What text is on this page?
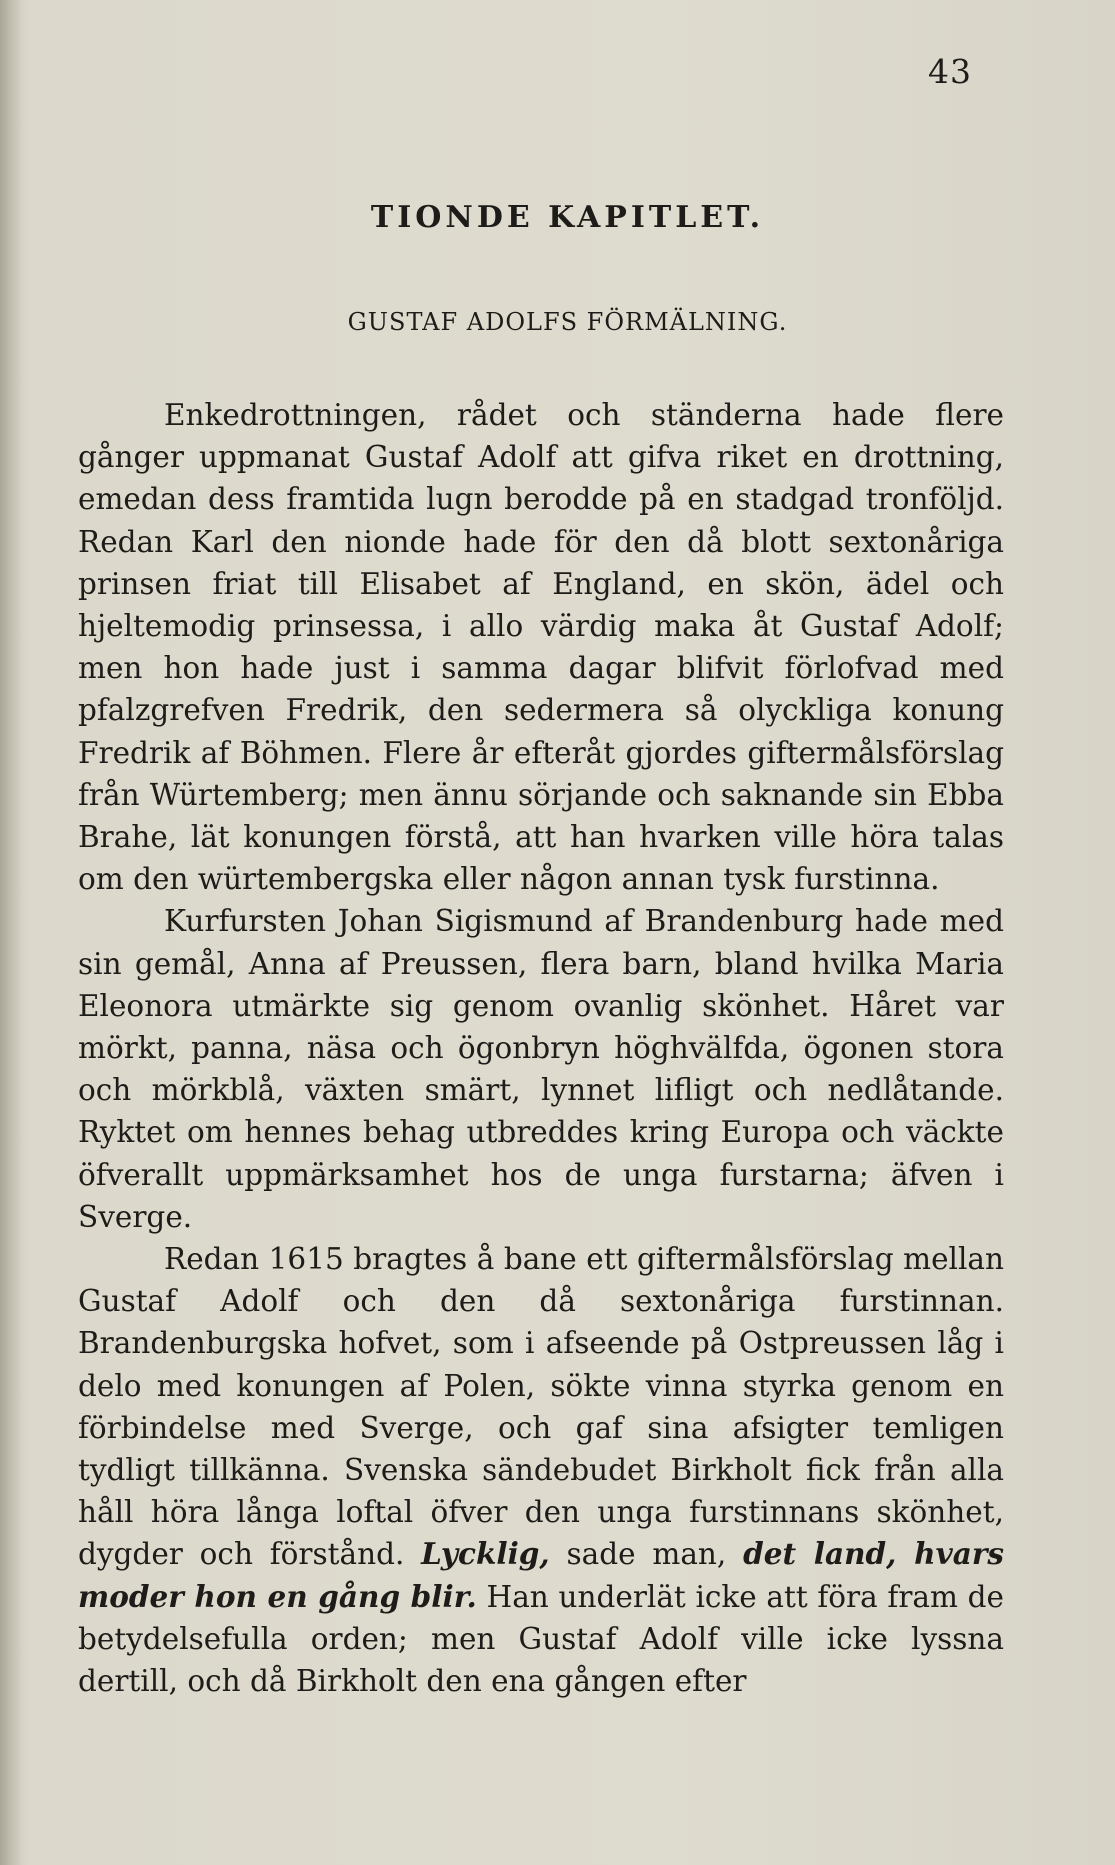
43
TIONDE KAPITLET.
GUSTAF ADOLFS FÖRMÄLNING.

Enkedrottningen, rådet och ständerna hade flere gånger uppmanat Gustaf Adolf att gifva riket en drottning, emedan dess framtida lugn berodde på en stadgad tronföljd. Redan Karl den nionde hade för den då blott sextonåriga prinsen friat till Elisabet af England, en skön, ädel och hjeltemodig prinsessa, i allo värdig maka åt Gustaf Adolf; men hon hade just i samma dagar blifvit förlofvad med pfalzgrefven Fredrik, den sedermera så olyckliga konung Fredrik af Böhmen. Flere år efteråt gjordes giftermålsförslag från Würtemberg; men ännu sörjande och saknande sin Ebba Brahe, lät konungen förstå, att han hvarken ville höra talas om den würtembergska eller någon annan tysk furstinna.

Kurfursten Johan Sigismund af Brandenburg hade med sin gemål, Anna af Preussen, flera barn, bland hvilka Maria Eleonora utmärkte sig genom ovanlig skönhet. Håret var mörkt, panna, näsa och ögonbryn höghvälfda, ögonen stora och mörkblå, växten smärt, lynnet lifligt och nedlåtande. Ryktet om hennes behag utbreddes kring Europa och väckte öfverallt uppmärksamhet hos de unga furstarna; äfven i Sverge.

Redan 1615 bragtes å bane ett giftermålsförslag mellan Gustaf Adolf och den då sextonåriga furstinnan. Brandenburgska hofvet, som i afseende på Ostpreussen låg i delo med konungen af Polen, sökte vinna styrka genom en förbindelse med Sverge, och gaf sina afsigter temligen tydligt tillkänna. Svenska sändebudet Birkholt fick från alla håll höra långa loftal öfver den unga furstinnans skönhet, dygder och förstånd. Lycklig, sade man, det land, hvars moder hon en gång blir. Han underlät icke att föra fram de betydelsefulla orden; men Gustaf Adolf ville icke lyssna dertill, och då Birkholt den ena gången efter
